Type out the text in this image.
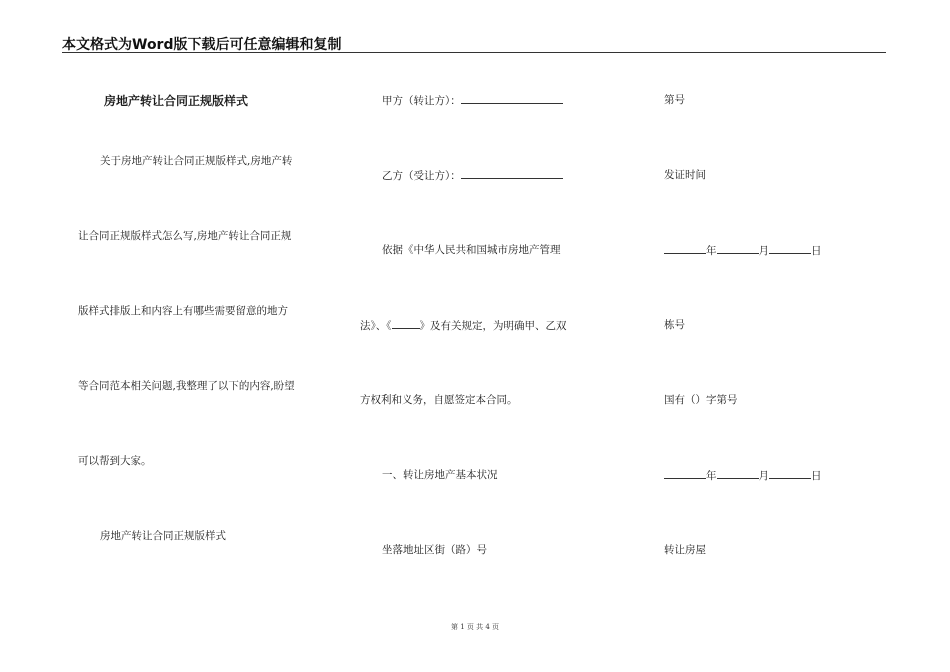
本文格式为Word版下载后可任意编辑和复制
房地产转让合同正规版样式
关于房地产转让合同正规版样式,房地产转
让合同正规版样式怎么写,房地产转让合同正规
版样式排版上和内容上有哪些需要留意的地方
等合同范本相关问题,我整理了以下的内容,盼望
可以帮到大家。
房地产转让合同正规版样式
甲方（转让方）：
乙方（受让方）：
依据《中华人民共和国城市房地产管理
法》、《	》及有关规定，为明确甲、乙双
方权利和义务，自愿签定本合同。
一、转让房地产基本状况
坐落地址区街（路）号
第号
发证时间
年	月	日
栋号
国有（）字第号
年	月	日
转让房屋
第 1 页 共 4 页
